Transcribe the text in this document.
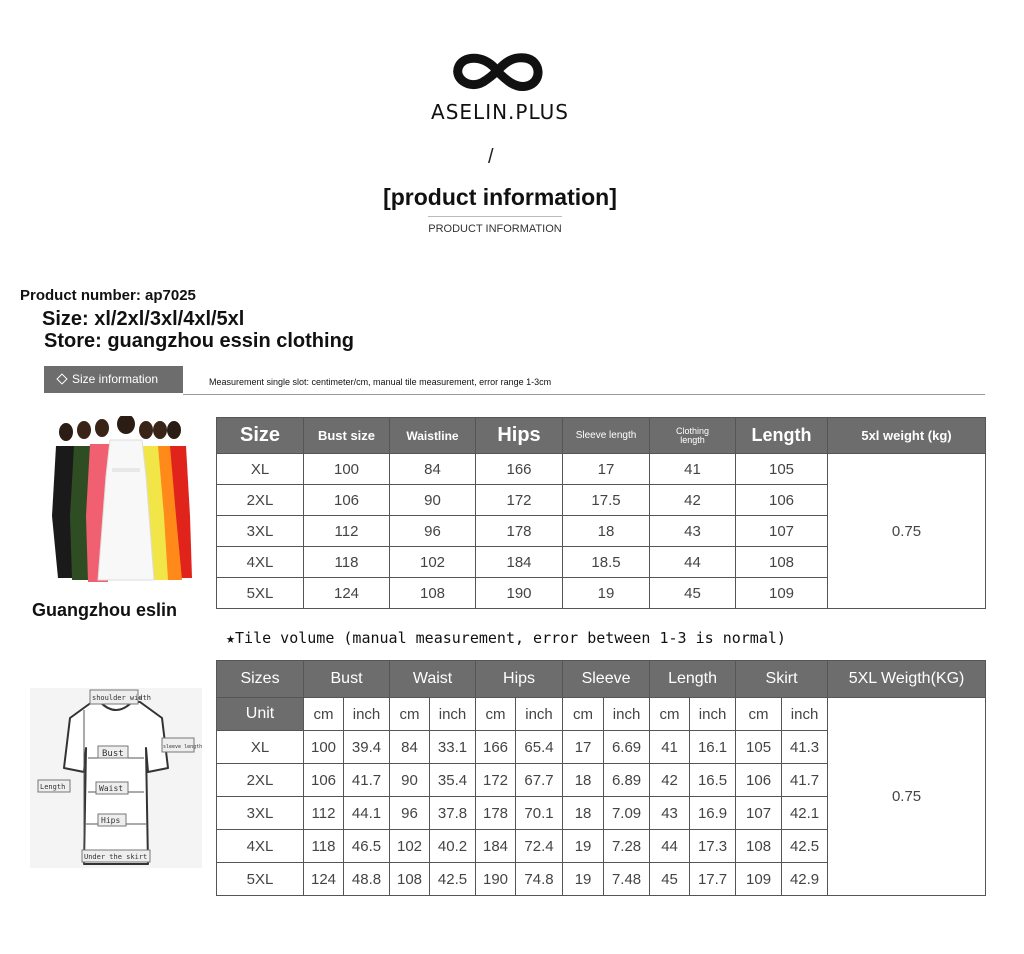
ASELIN.PLUS
/
[product information]
PRODUCT INFORMATION
Product number: ap7025
Size: xl/2xl/3xl/4xl/5xl
Store: guangzhou essin clothing
Size information	Measurement single slot: centimeter/cm, manual tile measurement, error range 1-3cm
Guangzhou eslin
Size	Bust size	Waistline	Hips	Sleeve length	Clothing length	Length	5xl weight (kg)
XL	100	84	166	17	41	105	0.75
2XL	106	90	172	17.5	42	106	
3XL	112	96	178	18	43	107	
4XL	118	102	184	18.5	44	108	
5XL	124	108	190	19	45	109	
★Tile volume (manual measurement, error between 1-3 is normal)
shoulder width
sleeve length
Bust
Length	Waist
Hips
Under the skirt
Sizes	Bust		Waist		Hips		Sleeve		Length		Skirt		5XL Weigth(KG)
Unit	cm	inch	cm	inch	cm	inch	cm	inch	cm	inch	cm	inch	0.75
XL	100	39.4	84	33.1	166	65.4	17	6.69	41	16.1	105	41.3	
2XL	106	41.7	90	35.4	172	67.7	18	6.89	42	16.5	106	41.7	
3XL	112	44.1	96	37.8	178	70.1	18	7.09	43	16.9	107	42.1	
4XL	118	46.5	102	40.2	184	72.4	19	7.28	44	17.3	108	42.5	
5XL	124	48.8	108	42.5	190	74.8	19	7.48	45	17.7	109	42.9	
